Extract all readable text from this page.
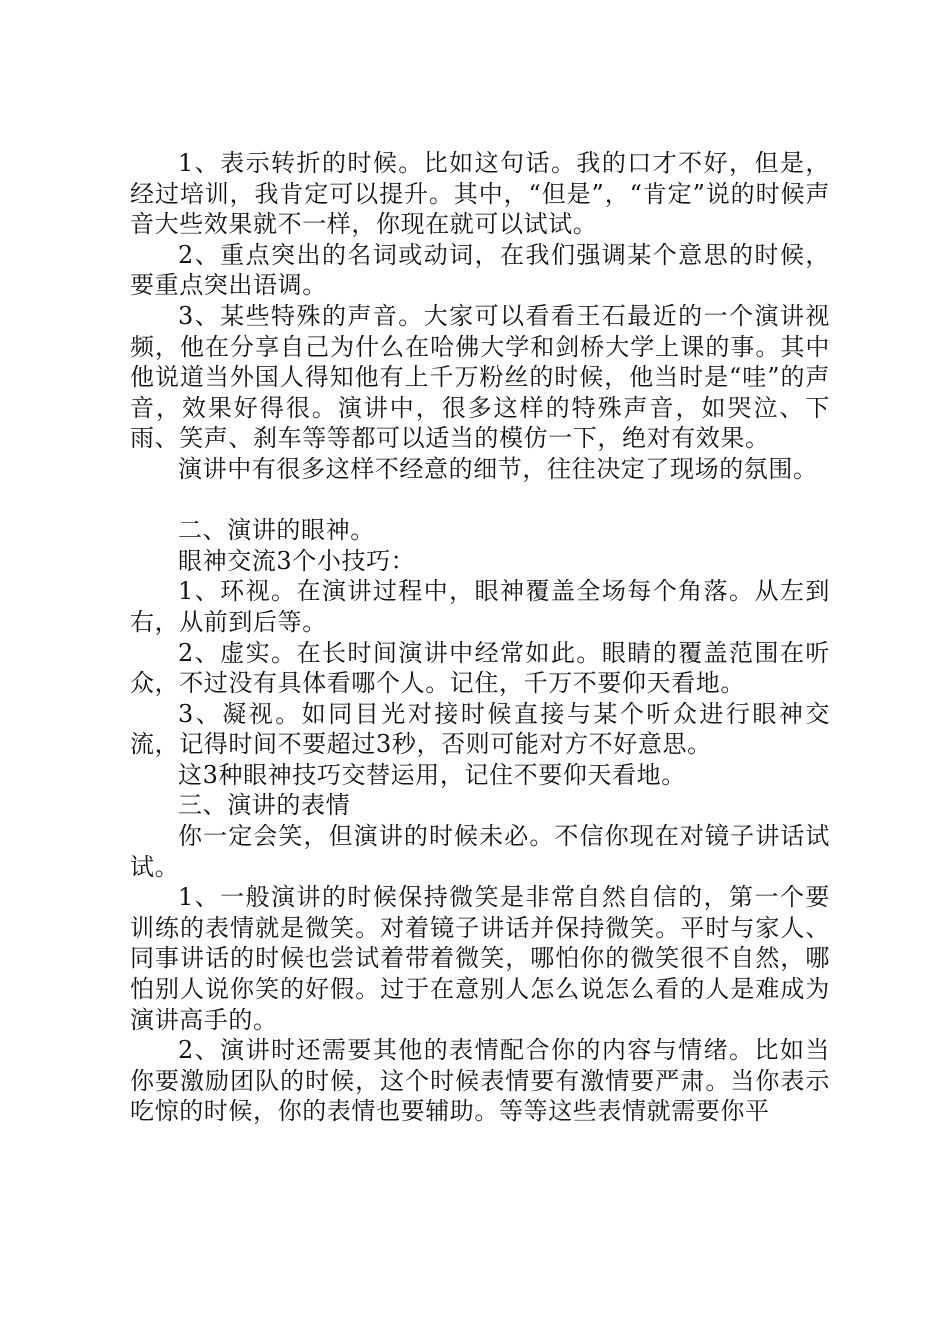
1、表示转折的时候。比如这句话。我的口才不好，但是，经过培训，我肯定可以提升。其中，“但是”，“肯定”说的时候声音大些效果就不一样，你现在就可以试试。

2、重点突出的名词或动词，在我们强调某个意思的时候，要重点突出语调。

3、某些特殊的声音。大家可以看看王石最近的一个演讲视频，他在分享自己为什么在哈佛大学和剑桥大学上课的事。其中他说道当外国人得知他有上千万粉丝的时候，他当时是“哇”的声音，效果好得很。演讲中，很多这样的特殊声音，如哭泣、下雨、笑声、刹车等等都可以适当的模仿一下，绝对有效果。

演讲中有很多这样不经意的细节，往往决定了现场的氛围。

二、演讲的眼神。

眼神交流3个小技巧：

1、环视。在演讲过程中，眼神覆盖全场每个角落。从左到右，从前到后等。

2、虚实。在长时间演讲中经常如此。眼睛的覆盖范围在听众，不过没有具体看哪个人。记住，千万不要仰天看地。

3、凝视。如同目光对接时候直接与某个听众进行眼神交流，记得时间不要超过3秒，否则可能对方不好意思。

这3种眼神技巧交替运用，记住不要仰天看地。

三、演讲的表情

你一定会笑，但演讲的时候未必。不信你现在对镜子讲话试试。

1、一般演讲的时候保持微笑是非常自然自信的，第一个要训练的表情就是微笑。对着镜子讲话并保持微笑。平时与家人、同事讲话的时候也尝试着带着微笑，哪怕你的微笑很不自然，哪怕别人说你笑的好假。过于在意别人怎么说怎么看的人是难成为演讲高手的。

2、演讲时还需要其他的表情配合你的内容与情绪。比如当你要激励团队的时候，这个时候表情要有激情要严肃。当你表示吃惊的时候，你的表情也要辅助。等等这些表情就需要你平
